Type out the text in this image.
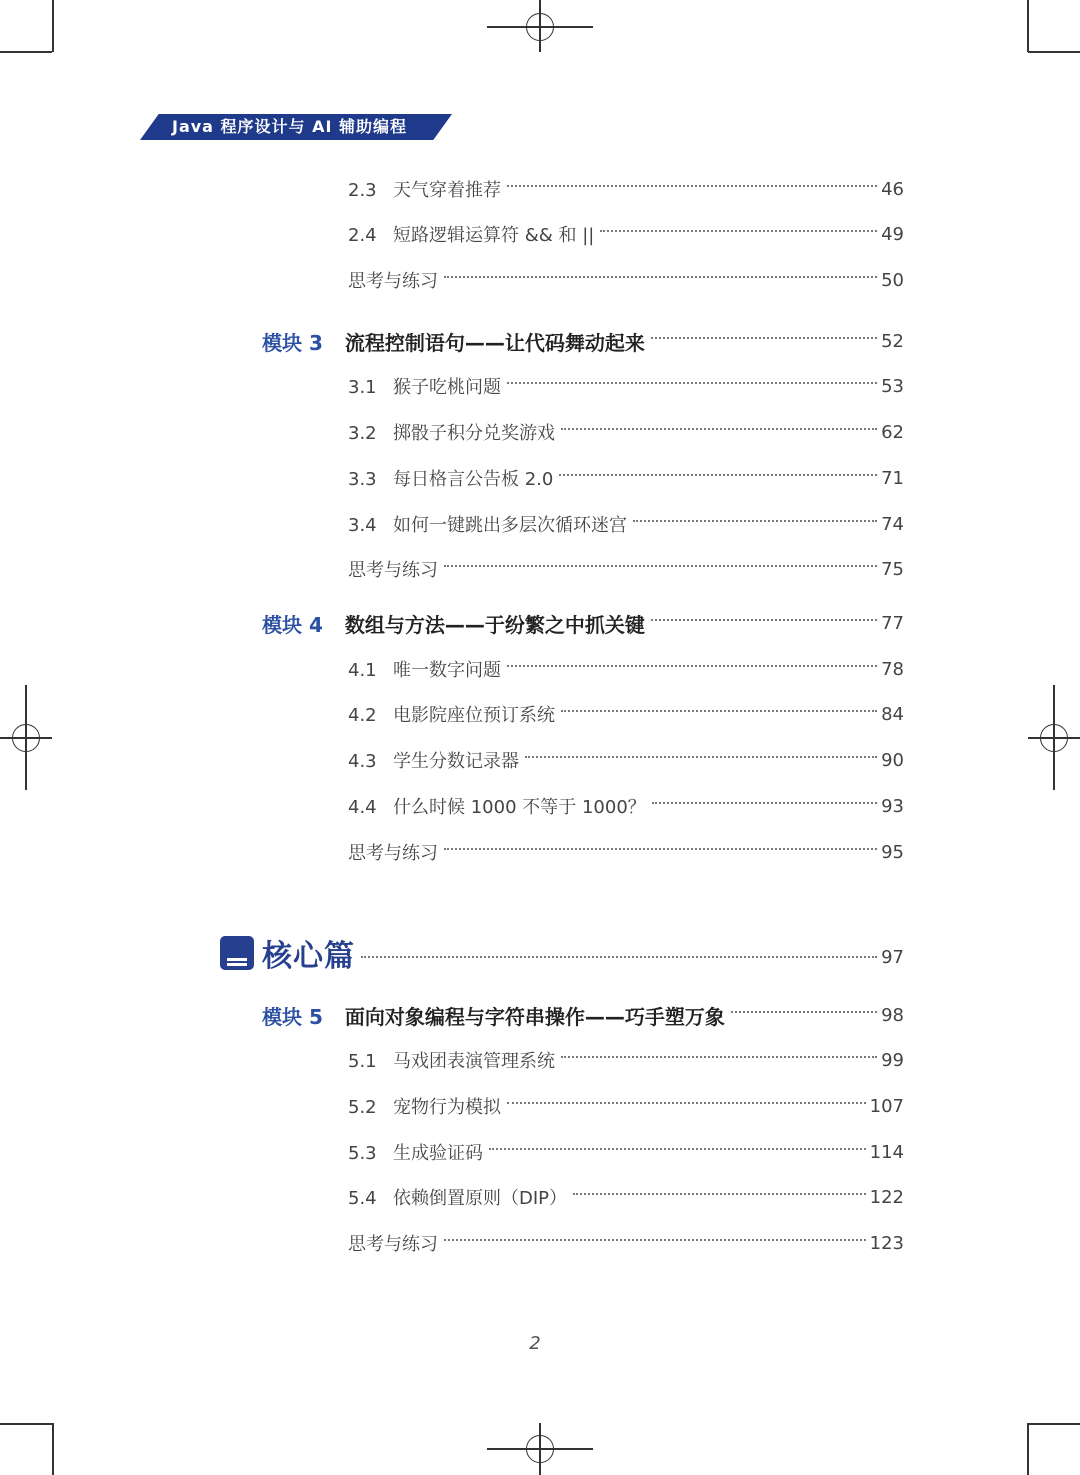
Java 程序设计与 AI 辅助编程
2.3 天气穿着推荐	46
2.4 短路逻辑运算符 && 和 ||	49
思考与练习	50
模块 3 流程控制语句——让代码舞动起来	52
3.1 猴子吃桃问题	53
3.2 掷骰子积分兑奖游戏	62
3.3 每日格言公告板 2.0	71
3.4 如何一键跳出多层次循环迷宫	74
思考与练习	75
模块 4 数组与方法——于纷繁之中抓关键	77
4.1 唯一数字问题	78
4.2 电影院座位预订系统	84
4.3 学生分数记录器	90
4.4 什么时候 1000 不等于 1000？	93
思考与练习	95
核心篇	97
模块 5 面向对象编程与字符串操作——巧手塑万象	98
5.1 马戏团表演管理系统	99
5.2 宠物行为模拟	107
5.3 生成验证码	114
5.4 依赖倒置原则（DIP）	122
思考与练习	123
2
